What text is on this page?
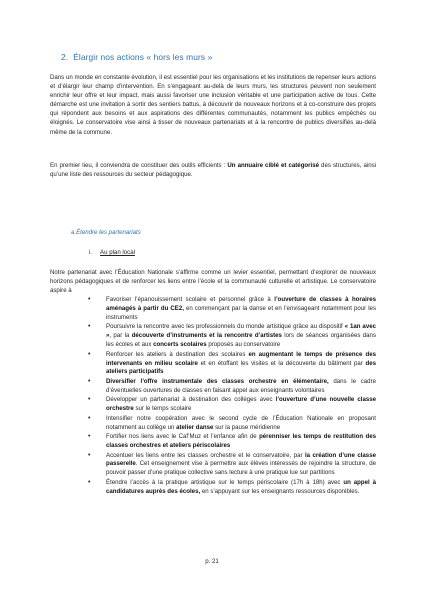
2. Élargir nos actions « hors les murs »
Dans un monde en constante évolution, il est essentiel pour les organisations et les institutions de repenser leurs actions et d’élargir leur champ d’intervention. En s’engageant au-delà de leurs murs, les structures peuvent non seulement enrichir leur offre et leur impact, mais aussi favoriser une inclusion véritable et une participation active de tous. Cette démarche est une invitation à sortir des sentiers battus, à découvrir de nouveaux horizons et à co-construire des projets qui répondent aux besoins et aux aspirations des différentes communautés, notamment les publics empêchés ou éloignés. Le conservatoire vise ainsi à tisser de nouveaux partenariats et à la rencontre de publics diversifiés au-delà même de la commune.
En premier lieu, il conviendra de constituer des outils efficients : Un annuaire ciblé et catégorisé des structures, ainsi qu’une liste des ressources du secteur pédagogique.
a.Étendre les partenariats
i. Au plan local
Notre partenariat avec l’Éducation Nationale s’affirme comme un levier essentiel, permettant d’explorer de nouveaux horizons pédagogiques et de renforcer les liens entre l’école et la communauté culturelle et artistique. Le conservatoire aspire à
•	Favoriser l’épanouissement scolaire et personnel grâce à l’ouverture de classes à horaires aménagés à partir du CE2, en commençant par la danse et en l’envisageant notamment pour les instruments
•	Poursuivre la rencontre avec les professionnels du monde artistique grâce au dispositif « 1an avec », par la découverte d’instruments et la rencontre d’artistes lors de séances organisées dans les écoles et aux concerts scolaires proposés au conservatoire
•	Renforcer les ateliers à destination des scolaires en augmentant le temps de présence des intervenants en milieu scolaire et en étoffant les visites et la découverte du bâtiment par des ateliers participatifs
•	Diversifier l’offre instrumentale des classes orchestre en élémentaire, dans le cadre d’éventuelles ouvertures de classes en faisant appel aux enseignants volontaires
•	Développer un partenariat à destination des collèges avec l’ouverture d’une nouvelle classe orchestre sur le temps scolaire
•	Intensifier notre coopération avec le second cycle de l’Éducation Nationale en proposant notamment au collège un atelier danse sur la pause méridienne
•	Fortifier nos liens avec le Caf’Muz et l’enfance afin de pérenniser les temps de restitution des classes orchestres et ateliers périscolaires
•	Accentuer les liens entre les classes orchestre et le conservatoire, par la création d’une classe passerelle. Cet enseignement vise à permettre aux élèves intéressés de rejoindre la structure, de pouvoir passer d’une pratique collective sans lecture à une pratique lue sur partitions
•	Étendre l’accès à la pratique artistique sur le temps périscolaire (17h à 18h) avec un appel à candidatures auprès des écoles, en s’appuyant sur les enseignants ressources disponibles.
p. 21
